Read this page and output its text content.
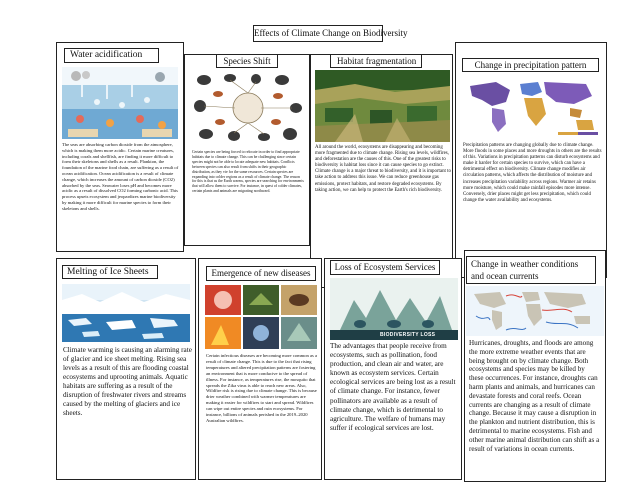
Effects of Climate Change on Biodiversity
Water acidification
The seas are absorbing carbon dioxide from the atmosphere, which is making them more acidic. Certain marine creatures, including corals and shellfish, are finding it more difficult to form their skeletons and shells as a result. Plankton, the foundation of the marine food chain, are suffering as a result of ocean acidification. Ocean acidification is a result of climate change, which increases the amount of carbon dioxide (CO2) absorbed by the seas. Seawater loses pH and becomes more acidic as a result of dissolved CO2 forming carbonic acid. This process upsets ecosystem and jeopardizes marine biodiversity by making it more difficult for marine species to form their skeletons and shells.
Species Shift
Certain species are being forced to relocate in order to find appropriate habitats due to climate change. This can be challenging since certain species might not be able to locate adequate new habitats. Conflicts between species can also result from shifts in their geographic distribution, as they vie for the same resources. Certain species are expanding into colder regions as a result of climate change. The reason for this is that as the Earth warms, species are searching for environments that will allow them to survive. For instance, in quest of colder climates, certain plants and animals are migrating northward.
Habitat fragmentation
All around the world, ecosystems are disappearing and becoming more fragmented due to climate change. Rising sea levels, wildfires, and deforestation are the causes of this. One of the greatest risks to biodiversity is habitat loss since it can cause species to go extinct. Climate change is a major threat to biodiversity, and it is important to take action to address this issue. We can reduce greenhouse gas emissions, protect habitats, and restore degraded ecosystems. By taking action, we can help to protect the Earth's rich biodiversity.
Change in precipitation pattern
Precipitation patterns are changing globally due to climate change. More floods in some places and more droughts in others are the results of this. Variations in precipitation patterns can disturb ecosystems and make it harder for certain species to survive, which can have a detrimental effect on biodiversity. Climate change modifies air circulation patterns, which affects the distribution of moisture and increases precipitation variability across regions. Warmer air retains more moisture, which could make rainfall episodes more intense. Conversely, drier places might get less precipitation, which could change the water availability and ecosystems.
Melting of Ice Sheets
Climate warming is causing an alarming rate of glacier and ice sheet melting. Rising sea levels as a result of this are flooding coastal ecosystems and uprooting animals. Aquatic habitats are suffering as a result of the disruption of freshwater rivers and streams caused by the melting of glaciers and ice sheets.
Emergence of new diseases
Certain infectious diseases are becoming more common as a result of climate change. This is due to the fact that rising temperatures and altered precipitation patterns are fostering an environment that is more conducive to the spread of illness. For instance, as temperatures rise, the mosquito that spreads the Zika virus is able to reach new areas. Also, Wildfire risk is rising due to climate change. This is because drier weather combined with warmer temperatures are making it easier for wildfires to start and spread. Wildfires can wipe out entire species and ruin ecosystems. For instance, billions of animals perished in the 2019–2020 Australian wildfires.
Loss of Ecosystem Services
BIODIVERSITY LOSS
The advantages that people receive from ecosystems, such as pollination, food production, and clean air and water, are known as ecosystem services. Certain ecological services are being lost as a result of climate change. For instance, fewer pollinators are available as a result of climate change, which is detrimental to agriculture. The welfare of humans may suffer if ecological services are lost.
Change in weather conditions
and ocean currents
Hurricanes, droughts, and floods are among the more extreme weather events that are being brought on by climate change. Both ecosystems and species may be killed by these occurrences. For instance, droughts can harm plants and animals, and hurricanes can devastate forests and coral reefs. Ocean currents are changing as a result of climate change. Because it may cause a disruption in the plankton and nutrient distribution, this is detrimental to marine ecosystems. Fish and other marine animal distribution can shift as a result of variations in ocean currents.
